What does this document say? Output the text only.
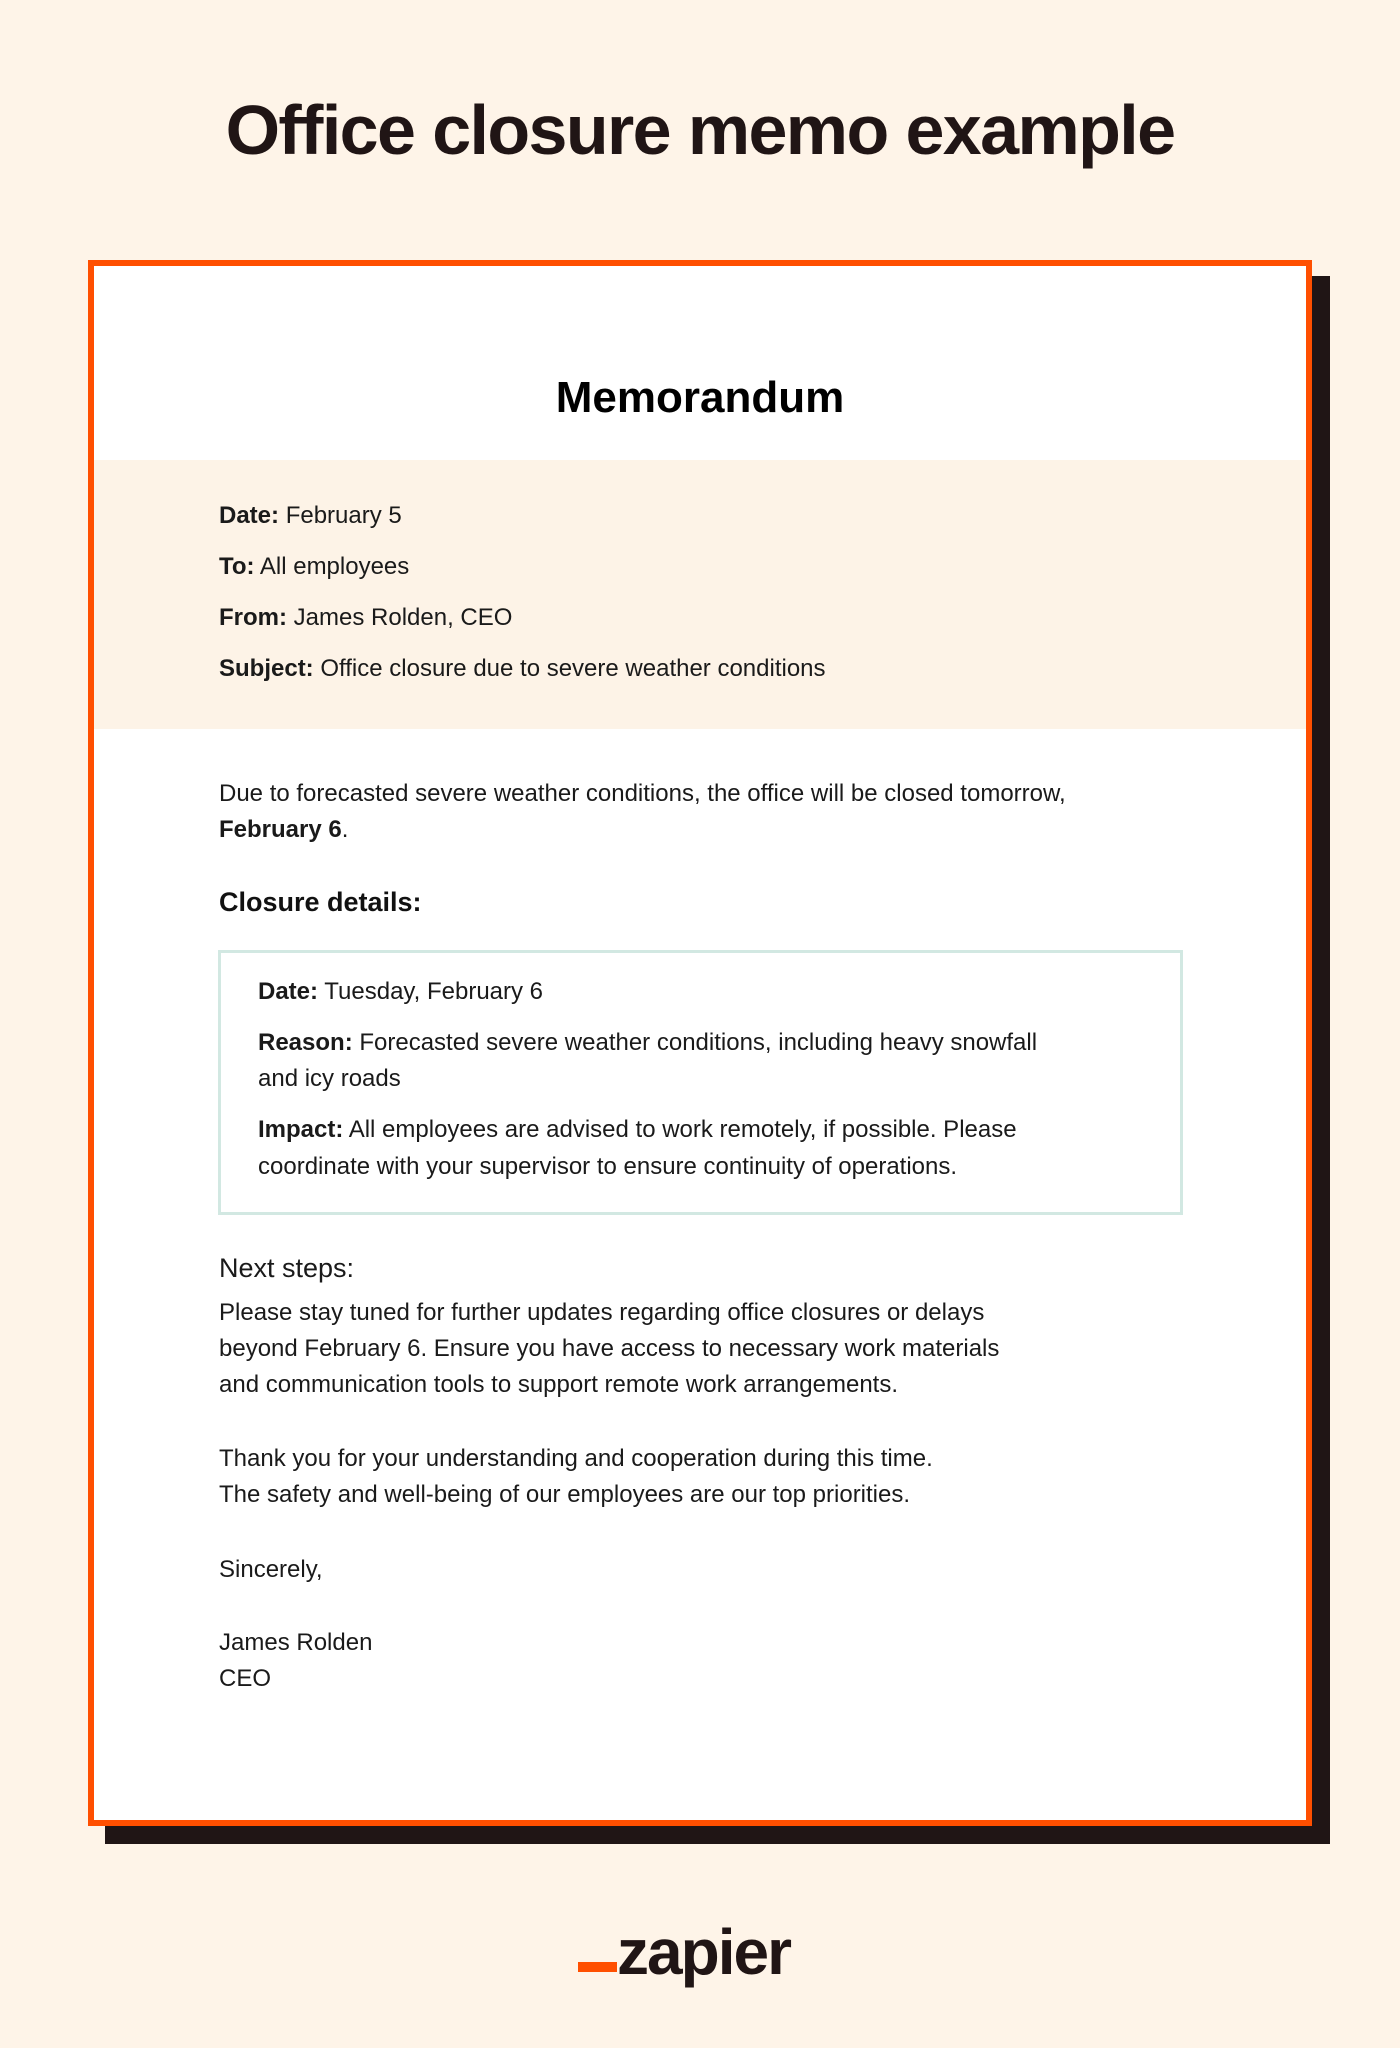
Office closure memo example
Memorandum
Date: February 5
To: All employees
From: James Rolden, CEO
Subject: Office closure due to severe weather conditions
Due to forecasted severe weather conditions, the office will be closed tomorrow,
February 6.
Closure details:
Date: Tuesday, February 6
Reason: Forecasted severe weather conditions, including heavy snowfall
and icy roads
Impact: All employees are advised to work remotely, if possible. Please
coordinate with your supervisor to ensure continuity of operations.
Next steps:
Please stay tuned for further updates regarding office closures or delays
beyond February 6. Ensure you have access to necessary work materials
and communication tools to support remote work arrangements.
Thank you for your understanding and cooperation during this time.
The safety and well-being of our employees are our top priorities.
Sincerely,
James Rolden
CEO
zapier
